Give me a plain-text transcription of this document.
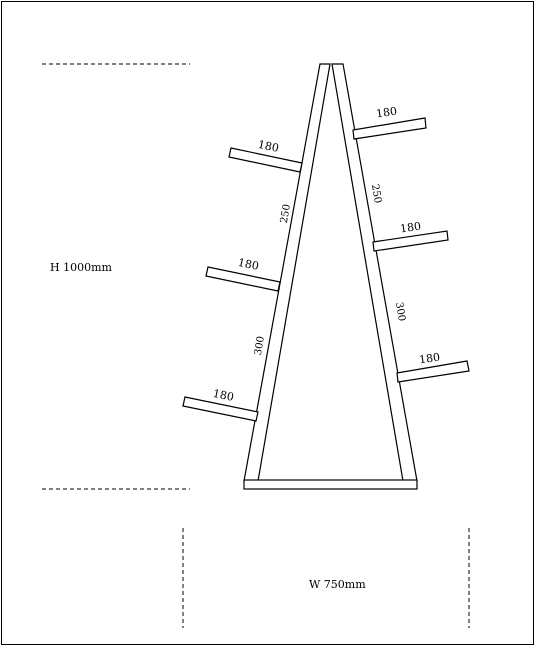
H 1000mm
W 750mm
180
180
180
180
180
180
250
300
250
300
